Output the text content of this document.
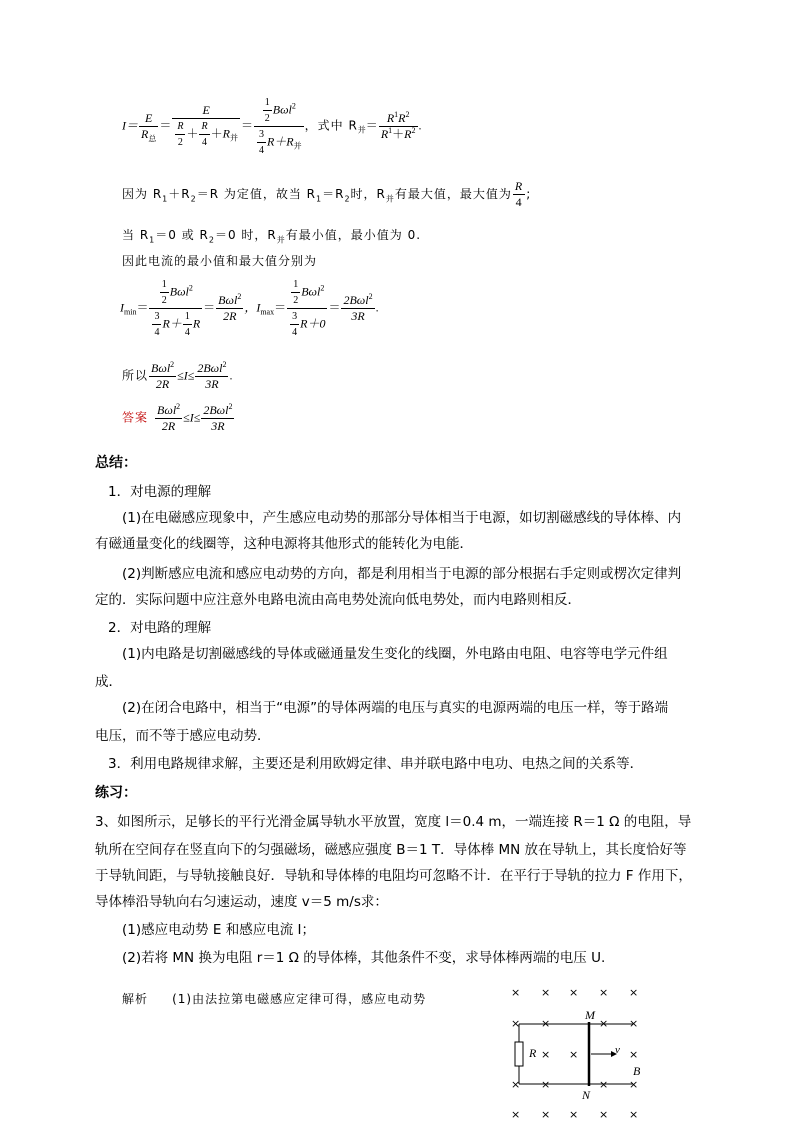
$I= \frac{E}{R_总} = \frac{E}{\frac{R}{2} + \frac{R}{4} +R_并} = \frac{\frac{1}{2} B\omega l^2}{\frac{3}{4} R+R_并}$ ，式中 $R_并= \frac{R^1R^2}{R^1+R^2}$ .
因为 $R_1+R_2=R$ 为定值，故当 $R_1=R_2$时，$R_并$有最大值，最大值为 $\frac{R}{4}$ ;
当 $R_1=0$ 或 $R_2=0$ 时，$R_并$有最小值，最小值为 0.
因此电流的最小值和最大值分别为
$I_{min}= \frac{\frac{1}{2} B\omega l^2}{\frac{3}{4} R+ \frac{1}{4} R} = \frac{B\omega l^2}{2R}$ ，$I_{max}= \frac{\frac{1}{2} B\omega l^2}{\frac{3}{4} R+0} = \frac{2B\omega l^2}{3R}$ .
所以 $\frac{B\omega l^2}{2R} \le I\le \frac{2B\omega l^2}{3R}$ .
答案 $\frac{B\omega l^2}{2R} \le I\le \frac{2B\omega l^2}{3R}$
总结：
1．对电源的理解
(1)在电磁感应现象中，产生感应电动势的那部分导体相当于电源，如切割磁感线的导体棒、内
有磁通量变化的线圈等，这种电源将其他形式的能转化为电能．
(2)判断感应电流和感应电动势的方向，都是利用相当于电源的部分根据右手定则或楞次定律判
定的．实际问题中应注意外电路电流由高电势处流向低电势处，而内电路则相反．
2．对电路的理解
(1)内电路是切割磁感线的导体或磁通量发生变化的线圈，外电路由电阻、电容等电学元件组
成．
(2)在闭合电路中，相当于“电源”的导体两端的电压与真实的电源两端的电压一样，等于路端
电压，而不等于感应电动势．
3．利用电路规律求解，主要还是利用欧姆定律、串并联电路中电功、电热之间的关系等．
练习：
3、如图所示，足够长的平行光滑金属导轨水平放置，宽度 l＝0.4 m，一端连接 R＝1 Ω 的电阻，导
轨所在空间存在竖直向下的匀强磁场，磁感应强度 B＝1 T．导体棒 MN 放在导轨上，其长度恰好等
于导轨间距，与导轨接触良好．导轨和导体棒的电阻均可忽略不计．在平行于导轨的拉力 F 作用下，
导体棒沿导轨向右匀速运动，速度 v＝5 m/s求：
(1)感应电动势 E 和感应电流 I；
(2)若将 MN 换为电阻 r＝1 Ω 的导体棒，其他条件不变，求导体棒两端的电压 U.
解析 (1)由法拉第电磁感应定律可得，感应电动势	× × × × ×
× ×	× ×
× ×	×
× ×	× ×
× × × × ×
M
N
R	v
B
